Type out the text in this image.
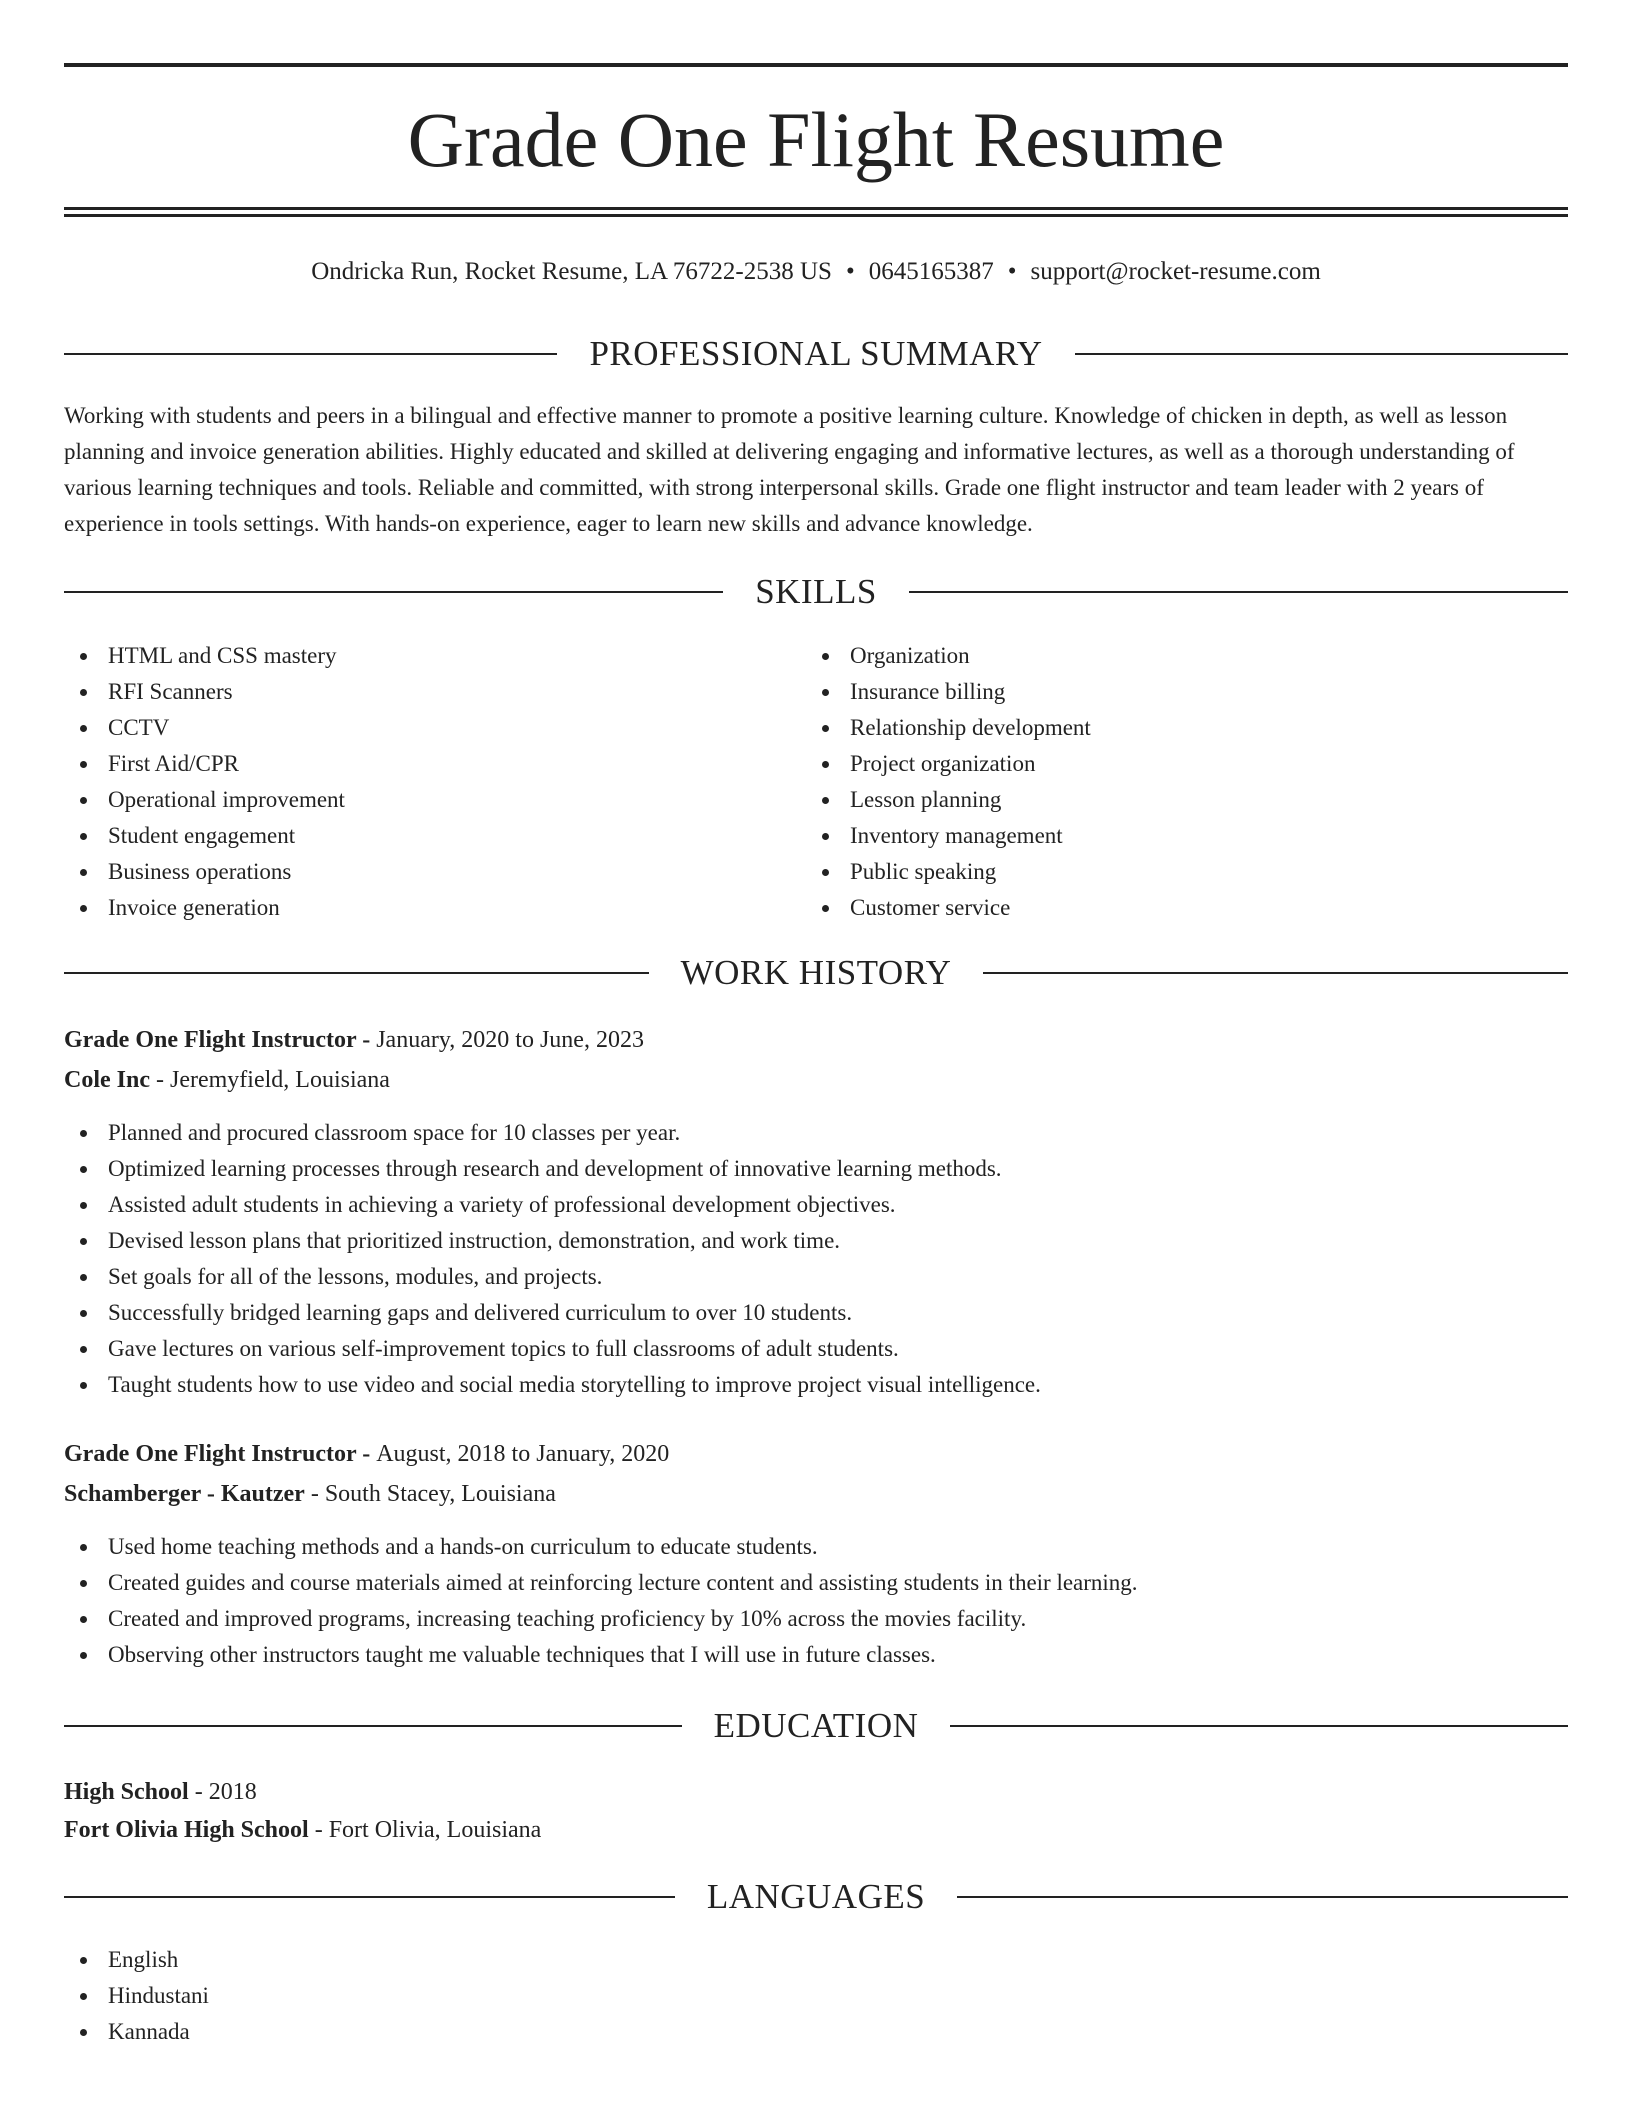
Grade One Flight Resume
Ondricka Run, Rocket Resume, LA 76722-2538 US • 0645165387 • support@rocket-resume.com
PROFESSIONAL SUMMARY

Working with students and peers in a bilingual and effective manner to promote a positive learning culture. Knowledge of chicken in depth, as well as lesson planning and invoice generation abilities. Highly educated and skilled at delivering engaging and informative lectures, as well as a thorough understanding of various learning techniques and tools. Reliable and committed, with strong interpersonal skills. Grade one flight instructor and team leader with 2 years of experience in tools settings. With hands-on experience, eager to learn new skills and advance knowledge.

SKILLS
HTML and CSS mastery
RFI Scanners
CCTV
First Aid/CPR
Operational improvement
Student engagement
Business operations
Invoice generation
Organization
Insurance billing
Relationship development
Project organization
Lesson planning
Inventory management
Public speaking
Customer service
WORK HISTORY
Grade One Flight Instructor - January, 2020 to June, 2023
Cole Inc - Jeremyfield, Louisiana
Planned and procured classroom space for 10 classes per year.
Optimized learning processes through research and development of innovative learning methods.
Assisted adult students in achieving a variety of professional development objectives.
Devised lesson plans that prioritized instruction, demonstration, and work time.
Set goals for all of the lessons, modules, and projects.
Successfully bridged learning gaps and delivered curriculum to over 10 students.
Gave lectures on various self-improvement topics to full classrooms of adult students.
Taught students how to use video and social media storytelling to improve project visual intelligence.
Grade One Flight Instructor - August, 2018 to January, 2020
Schamberger - Kautzer - South Stacey, Louisiana
Used home teaching methods and a hands-on curriculum to educate students.
Created guides and course materials aimed at reinforcing lecture content and assisting students in their learning.
Created and improved programs, increasing teaching proficiency by 10% across the movies facility.
Observing other instructors taught me valuable techniques that I will use in future classes.
EDUCATION
High School - 2018
Fort Olivia High School - Fort Olivia, Louisiana
LANGUAGES
English
Hindustani
Kannada
